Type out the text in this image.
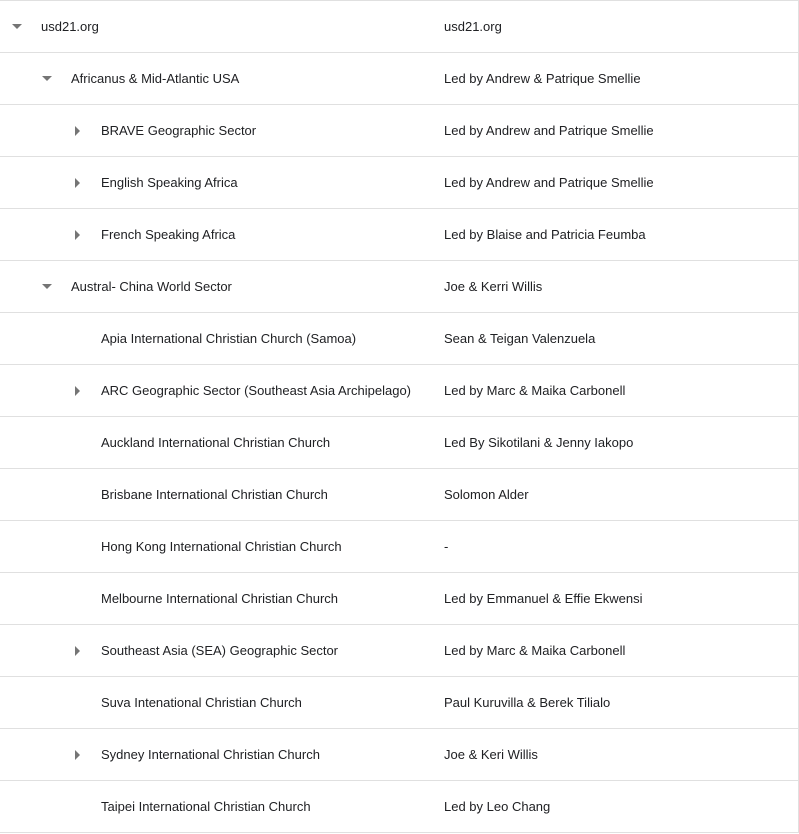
usd21.org	usd21.org
Africanus & Mid-Atlantic USA	Led by Andrew & Patrique Smellie
BRAVE Geographic Sector	Led by Andrew and Patrique Smellie
English Speaking Africa	Led by Andrew and Patrique Smellie
French Speaking Africa	Led by Blaise and Patricia Feumba
Austral- China World Sector	Joe & Kerri Willis
Apia International Christian Church (Samoa)	Sean & Teigan Valenzuela
ARC Geographic Sector (Southeast Asia Archipelago)	Led by Marc & Maika Carbonell
Auckland International Christian Church	Led By Sikotilani & Jenny Iakopo
Brisbane International Christian Church	Solomon Alder
Hong Kong International Christian Church	-
Melbourne International Christian Church	Led by Emmanuel & Effie Ekwensi
Southeast Asia (SEA) Geographic Sector	Led by Marc & Maika Carbonell
Suva Intenational Christian Church	Paul Kuruvilla & Berek Tilialo
Sydney International Christian Church	Joe & Keri Willis
Taipei International Christian Church	Led by Leo Chang
